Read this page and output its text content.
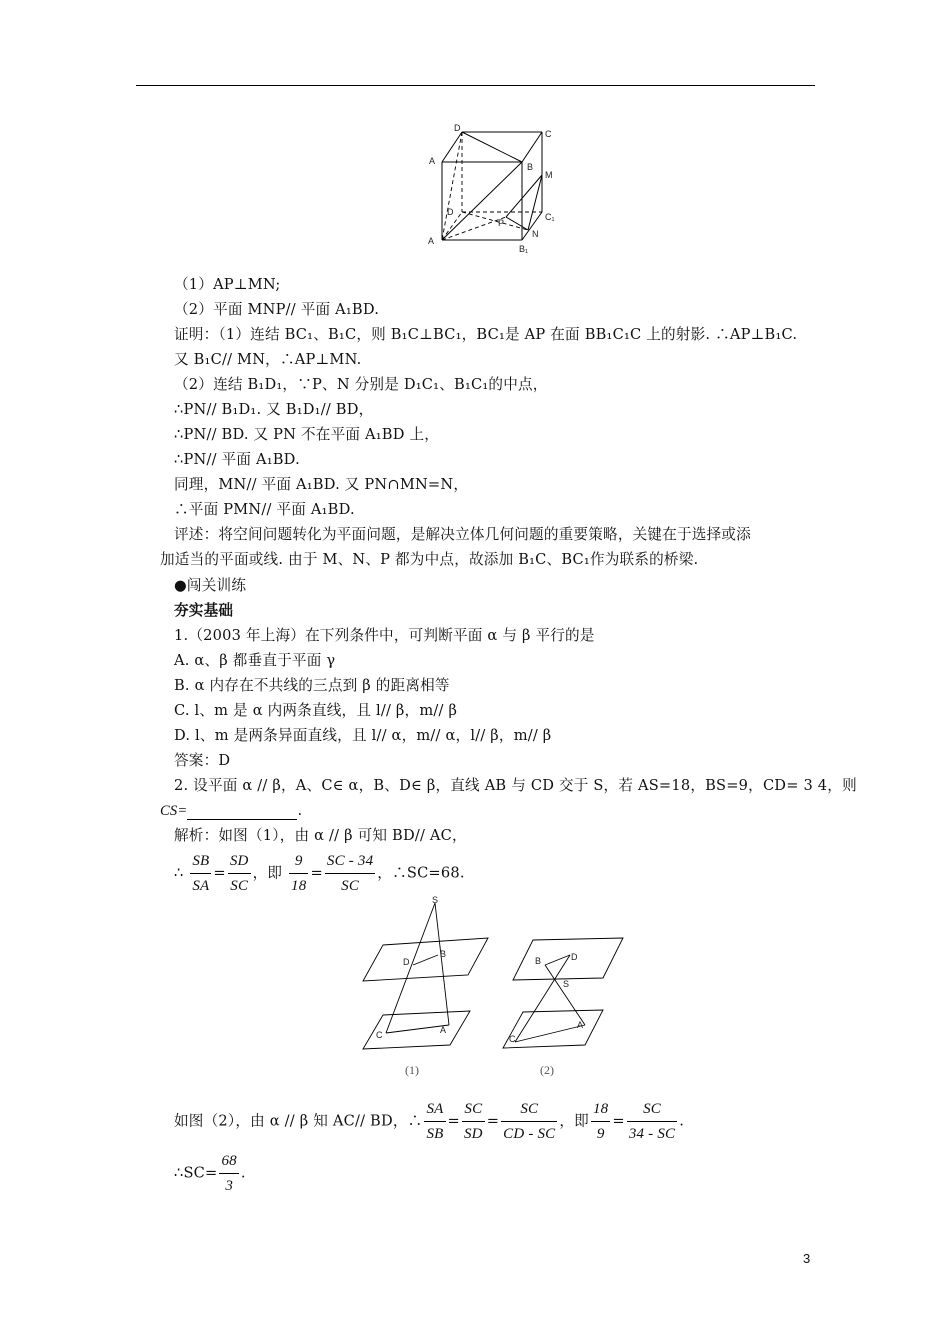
D
C
A
B
M
D	C₁
P
N
A
B₁
（1）AP⊥MN;
（2）平面 MNP// 平面 A₁BD.
证明：（1）连结 BC₁、B₁C，则 B₁C⊥BC₁，BC₁是 AP 在面 BB₁C₁C 上的射影. ∴AP⊥B₁C.
又 B₁C// MN，∴AP⊥MN.
（2）连结 B₁D₁，∵P、N 分别是 D₁C₁、B₁C₁的中点，
∴PN// B₁D₁. 又 B₁D₁// BD，
∴PN// BD. 又 PN 不在平面 A₁BD 上，
∴PN// 平面 A₁BD.
同理，MN// 平面 A₁BD. 又 PN∩MN=N，
∴平面 PMN// 平面 A₁BD.
评述：将空间问题转化为平面问题，是解决立体几何问题的重要策略，关键在于选择或添
加适当的平面或线. 由于 M、N、P 都为中点，故添加 B₁C、BC₁作为联系的桥梁.
●闯关训练
夯实基础
1.（2003 年上海）在下列条件中，可判断平面 α 与 β 平行的是
A. α、β 都垂直于平面 γ
B. α 内存在不共线的三点到 β 的距离相等
C. l、m 是 α 内两条直线，且 l// β，m// β
D. l、m 是两条异面直线，且 l// α，m// α，l// β，m// β
答案：D
2. 设平面 α // β，A、C∈ α，B、D∈ β，直线 AB 与 CD 交于 S，若 AS=18，BS=9，CD= 3 4，则
CS=	.
解析：如图（1），由 α // β 可知 BD// AC，
∴ $\frac{SB}{SA} = \frac{SD}{SC}$ ，即 $\frac{9}{18} = \frac{SC - 34}{SC}$ ，∴SC=68.
S
D
B
C	A
B	D
S
C
A
(1)	(2)
如图（2），由 α // β 知 AC// BD，∴ $\frac{SA}{SB} = \frac{SC}{SD} = \frac{SC}{CD - SC}$ ，即 $\frac{18}{9} = \frac{SC}{34 - SC}$ .
∴SC= $\frac{68}{3}$ .
3
